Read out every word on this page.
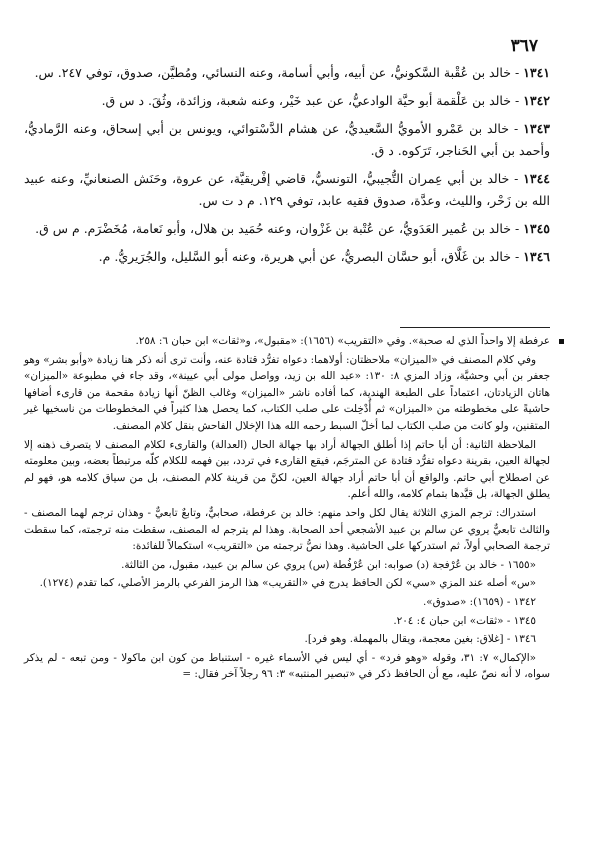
٣٦٧

١٣٤١ - خالد بن عُقْبة السَّكونيُّ، عن أبيه، وأبي أسامة، وعنه النسائي، ومُطيَّن، صدوق، توفي ٢٤٧. س.

١٣٤٢ - خالد بن عَلْقمة أبو حيَّة الوادعيُّ، عن عبد خَيْر، وعنه شعبة، وزائدة، وثُقَ. د س ق.

١٣٤٣ - خالد بن عَمْرو الأمويُّ السَّعيديُّ، عن هشام الدَّسْتوائي، ويونس بن أبي إسحاق، وعنه الرَّماديُّ، وأحمد بن أبي الحَناجر، تَرَكوه. د ق.

١٣٤٤ - خالد بن أبي عِمران التُّجيبيُّ، التونسيُّ، قاضي إفْريقيَّة، عن عروة، وحَنَش الصنعانيِّ، وعنه عبيد الله بن زَحْر، والليث، وعدَّة، صدوق فقيه عابد، توفي ١٢٩. م د ت س.

١٣٤٥ - خالد بن عُمير العَدَويُّ، عن عُتْبة بن غَزْوان، وعنه حُمَيد بن هلال، وأبو نَعامة، مُخَضْرَم. م س ق.

١٣٤٦ - خالد بن غَلَّاق، أبو حسَّان البصريُّ، عن أبي هريرة، وعنه أبو السَّليل، والجُرَيريُّ. م.

عرفطة إلا واحداً الذي له صحبة». وفي «التقريب» (١٦٥٦): «مقبول»، و«ثقات» ابن حبان ٦: ٢٥٨.

وفي كلام المصنف في «الميزان» ملاحظتان: أولاهما: دعواه تفرُّد قتادة عنه، وأنت ترى أنه ذكر هنا زيادة «وأبو بشر» وهو جعفر بن أبي وحشيَّة، وزاد المزي ٨: ١٣٠: «عبد الله بن زيد، وواصل مولى أبي عيينة»، وقد جاء في مطبوعة «الميزان» هاتان الزيادتان، اعتماداً على الطبعة الهندية، كما أفاده ناشر «الميزان» وغالب الظنّ أنها زيادة مقحمة من قارىء أضافها حاشيةً على مخطوطته من «الميزان» ثم أُدْخِلت على صلب الكتاب، كما يحصل هذا كثيراً في المخطوطات من ناسخيها غير المتقنين، ولو كانت من صلب الكتاب لما أخلّ السبط رحمه الله هذا الإخلال الفاحش بنقل كلام المصنف.

الملاحظة الثانية: أن أبا حاتم إذا أطلق الجهالة أراد بها جهالة الحال (العدالة) والقارىء لكلام المصنف لا يتصرف ذهنه إلا لجهالة العين، بقرينة دعواه تفرُّد قتادة عن المترجَم، فيقع القارىء في تردد، بين فهمه للكلام كلّه مرتبطاً بعضه، وبين معلومته عن اصطلاح أبي حاتم. والواقع أن أبا حاتم أراد جهالة العين، لكنَّ من قرينة كلام المصنف، بل من سياق كلامه هو، فهو لم يطلق الجهالة، بل قيَّدها بتمام كلامه، والله أعلم.

استدراك: ترجم المزي الثلاثة يقال لكل واحد منهم: خالد بن عرفطة، صحابيٌّ، وتابعٌ تابعيٌّ - وهذان ترجم لهما المصنف - والثالث تابعيٌّ يروي عن سالم بن عبيد الأشجعي أحد الصحابة. وهذا لم يترجم له المصنف، سقطت منه ترجمته، كما سقطت ترجمة الصحابي أولاً، ثم استدركها على الحاشية. وهذا نصُّ ترجمته من «التقريب» استكمالاً للفائدة:

«١٦٥٥ - خالد بن عُرْفجة (د) صوابه: ابن عُرْفُطة (س) يروي عن سالم بن عبيد، مقبول، من الثالثة.

«س» أصله عند المزي «سي» لكن الحافظ يدرج في «التقريب» هذا الرمز الفرعي بالرمز الأصلي، كما تقدم (١٢٧٤).

١٣٤٢ - (١٦٥٩): «صدوق».

١٣٤٥ - «ثقات» ابن حبان ٤: ٢٠٤.

١٣٤٦ - [غلاق: بغين معجمة، ويقال بالمهملة. وهو فرد].

«الإكمال» ٧: ٣١، وقوله «وهو فرد» - أي ليس في الأسماء غيره - استنباط من كون ابن ماكولا - ومن تبعه - لم يذكر سواه، لا أنه نصّ عليه، مع أن الحافظ ذكر في «تبصير المنتبه» ٣: ٩٦ رجلاً آخر فقال: =
